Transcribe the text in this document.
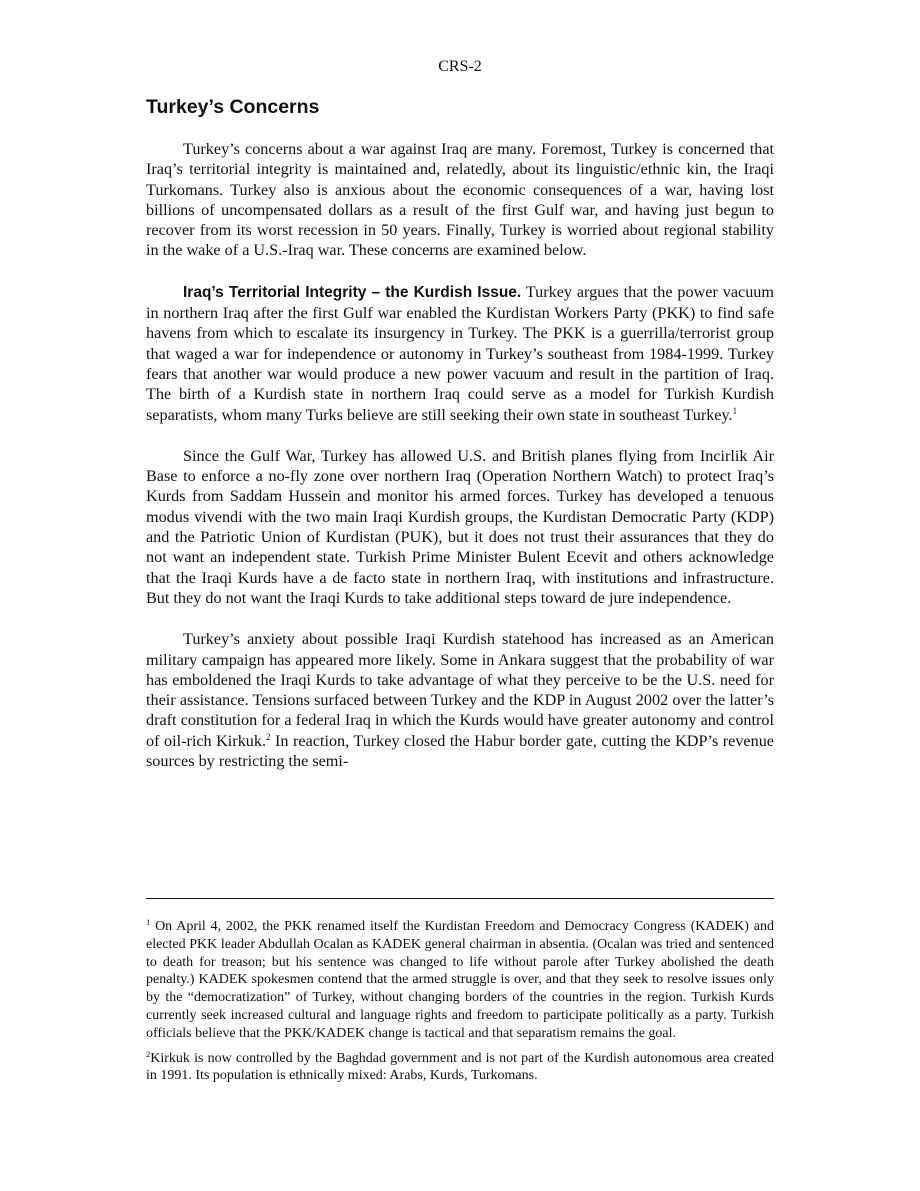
CRS-2
Turkey’s Concerns

Turkey’s concerns about a war against Iraq are many. Foremost, Turkey is concerned that Iraq’s territorial integrity is maintained and, relatedly, about its linguistic/ethnic kin, the Iraqi Turkomans. Turkey also is anxious about the economic consequences of a war, having lost billions of uncompensated dollars as a result of the first Gulf war, and having just begun to recover from its worst recession in 50 years. Finally, Turkey is worried about regional stability in the wake of a U.S.-Iraq war. These concerns are examined below.

Iraq’s Territorial Integrity – the Kurdish Issue. Turkey argues that the power vacuum in northern Iraq after the first Gulf war enabled the Kurdistan Workers Party (PKK) to find safe havens from which to escalate its insurgency in Turkey. The PKK is a guerrilla/terrorist group that waged a war for independence or autonomy in Turkey’s southeast from 1984-1999. Turkey fears that another war would produce a new power vacuum and result in the partition of Iraq. The birth of a Kurdish state in northern Iraq could serve as a model for Turkish Kurdish separatists, whom many Turks believe are still seeking their own state in southeast Turkey.$^1$

Since the Gulf War, Turkey has allowed U.S. and British planes flying from Incirlik Air Base to enforce a no-fly zone over northern Iraq (Operation Northern Watch) to protect Iraq’s Kurds from Saddam Hussein and monitor his armed forces. Turkey has developed a tenuous modus vivendi with the two main Iraqi Kurdish groups, the Kurdistan Democratic Party (KDP) and the Patriotic Union of Kurdistan (PUK), but it does not trust their assurances that they do not want an independent state. Turkish Prime Minister Bulent Ecevit and others acknowledge that the Iraqi Kurds have a de facto state in northern Iraq, with institutions and infrastructure. But they do not want the Iraqi Kurds to take additional steps toward de jure independence.

Turkey’s anxiety about possible Iraqi Kurdish statehood has increased as an American military campaign has appeared more likely. Some in Ankara suggest that the probability of war has emboldened the Iraqi Kurds to take advantage of what they perceive to be the U.S. need for their assistance. Tensions surfaced between Turkey and the KDP in August 2002 over the latter’s draft constitution for a federal Iraq in which the Kurds would have greater autonomy and control of oil-rich Kirkuk.$^2$ In reaction, Turkey closed the Habur border gate, cutting the KDP’s revenue sources by restricting the semi-

$^1$ On April 4, 2002, the PKK renamed itself the Kurdistan Freedom and Democracy Congress (KADEK) and elected PKK leader Abdullah Ocalan as KADEK general chairman in absentia. (Ocalan was tried and sentenced to death for treason; but his sentence was changed to life without parole after Turkey abolished the death penalty.) KADEK spokesmen contend that the armed struggle is over, and that they seek to resolve issues only by the “democratization” of Turkey, without changing borders of the countries in the region. Turkish Kurds currently seek increased cultural and language rights and freedom to participate politically as a party. Turkish officials believe that the PKK/KADEK change is tactical and that separatism remains the goal.

$^2$Kirkuk is now controlled by the Baghdad government and is not part of the Kurdish autonomous area created in 1991. Its population is ethnically mixed: Arabs, Kurds, Turkomans.
